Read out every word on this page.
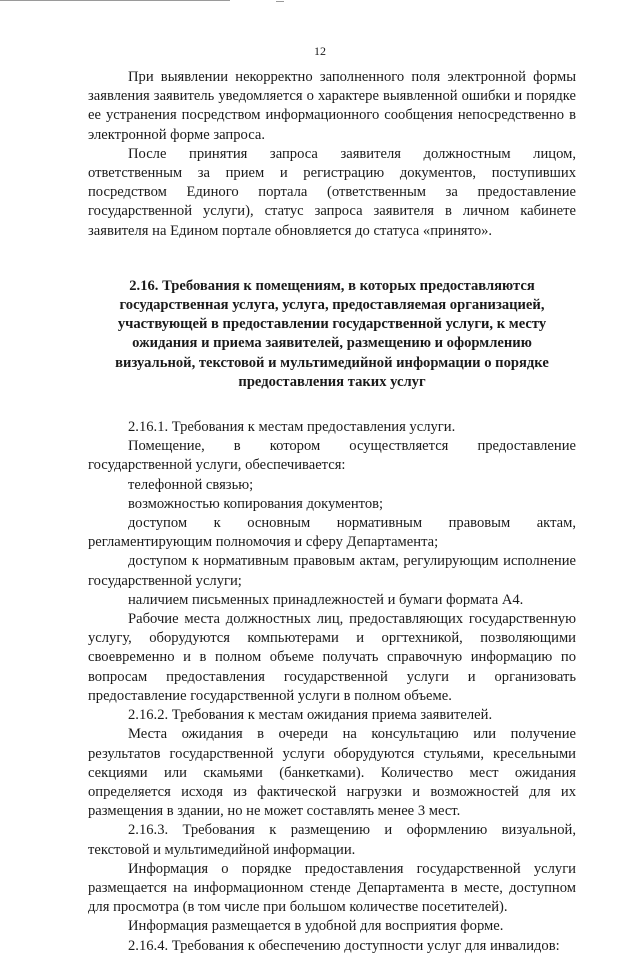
12

При выявлении некорректно заполненного поля электронной формы заявления заявитель уведомляется о характере выявленной ошибки и порядке ее устранения посредством информационного сообщения непосредственно в электронной форме запроса.

После принятия запроса заявителя должностным лицом, ответственным за прием и регистрацию документов, поступивших посредством Единого портала (ответственным за предоставление государственной услуги), статус запроса заявителя в личном кабинете заявителя на Едином портале обновляется до статуса «принято».

2.16. Требования к помещениям, в которых предоставляются
государственная услуга, услуга, предоставляемая организацией,
участвующей в предоставлении государственной услуги, к месту
ожидания и приема заявителей, размещению и оформлению
визуальной, текстовой и мультимедийной информации о порядке
предоставления таких услуг

2.16.1. Требования к местам предоставления услуги.

Помещение, в котором осуществляется предоставление государственной услуги, обеспечивается:

телефонной связью;

возможностью копирования документов;

доступом к основным нормативным правовым актам, регламентирующим полномочия и сферу Департамента;

доступом к нормативным правовым актам, регулирующим исполнение государственной услуги;

наличием письменных принадлежностей и бумаги формата А4.

Рабочие места должностных лиц, предоставляющих государственную услугу, оборудуются компьютерами и оргтехникой, позволяющими своевременно и в полном объеме получать справочную информацию по вопросам предоставления государственной услуги и организовать предоставление государственной услуги в полном объеме.

2.16.2. Требования к местам ожидания приема заявителей.

Места ожидания в очереди на консультацию или получение результатов государственной услуги оборудуются стульями, кресельными секциями или скамьями (банкетками). Количество мест ожидания определяется исходя из фактической нагрузки и возможностей для их размещения в здании, но не может составлять менее 3 мест.

2.16.3. Требования к размещению и оформлению визуальной, текстовой и мультимедийной информации.

Информация о порядке предоставления государственной услуги размещается на информационном стенде Департамента в месте, доступном для просмотра (в том числе при большом количестве посетителей).

Информация размещается в удобной для восприятия форме.

2.16.4. Требования к обеспечению доступности услуг для инвалидов:
